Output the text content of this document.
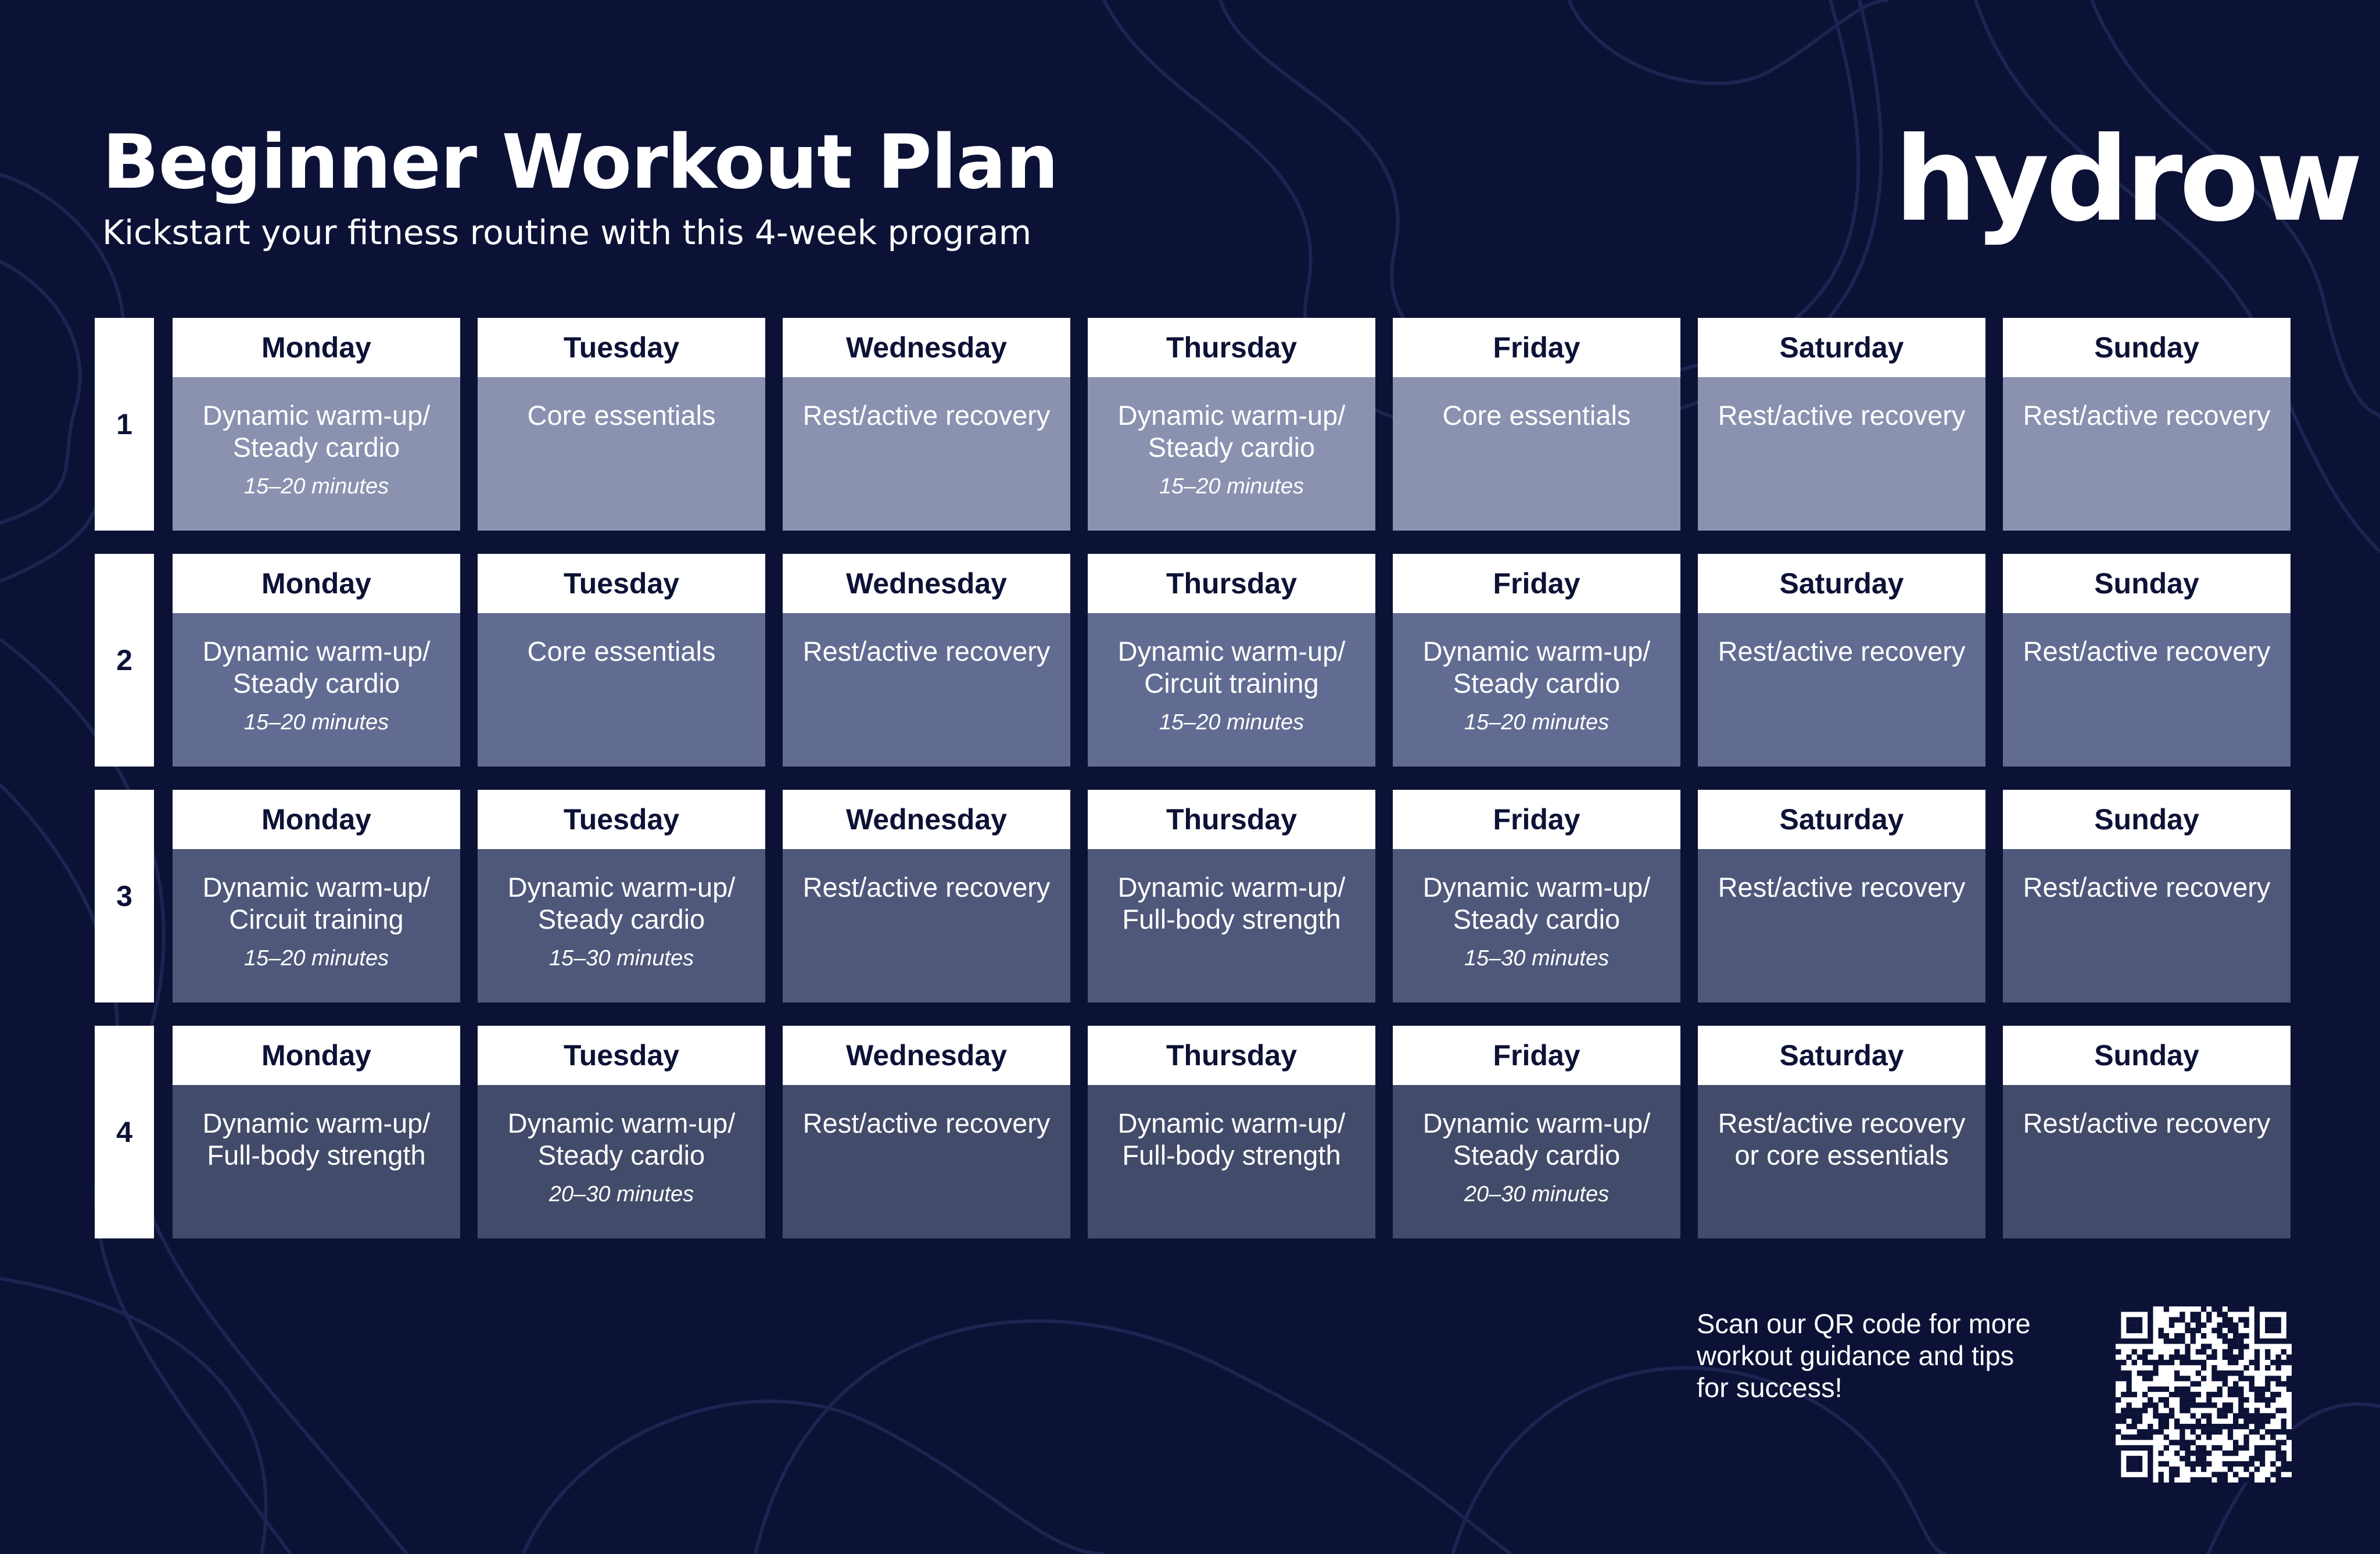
Beginner Workout Plan
Kickstart your fitness routine with this 4-week program	hydrow
1
Monday
Dynamic warm-up/
Steady cardio
15–20 minutes
Tuesday
Core essentials
Wednesday
Rest/active recovery
Thursday
Dynamic warm-up/
Steady cardio
15–20 minutes
Friday
Core essentials
Saturday
Rest/active recovery
Sunday
Rest/active recovery
2
Monday
Dynamic warm-up/
Steady cardio
15–20 minutes
Tuesday
Core essentials
Wednesday
Rest/active recovery
Thursday
Dynamic warm-up/
Circuit training
15–20 minutes
Friday
Dynamic warm-up/
Steady cardio
15–20 minutes
Saturday
Rest/active recovery
Sunday
Rest/active recovery
3
Monday
Dynamic warm-up/
Circuit training
15–20 minutes
Tuesday
Dynamic warm-up/
Steady cardio
15–30 minutes
Wednesday
Rest/active recovery
Thursday
Dynamic warm-up/
Full-body strength
Friday
Dynamic warm-up/
Steady cardio
15–30 minutes
Saturday
Rest/active recovery
Sunday
Rest/active recovery
4
Monday
Dynamic warm-up/
Full-body strength
Tuesday
Dynamic warm-up/
Steady cardio
20–30 minutes
Wednesday
Rest/active recovery
Thursday
Dynamic warm-up/
Full-body strength
Friday
Dynamic warm-up/
Steady cardio
20–30 minutes
Saturday
Rest/active recovery
or core essentials
Sunday
Rest/active recovery
Scan our QR code for more
workout guidance and tips
for success!
